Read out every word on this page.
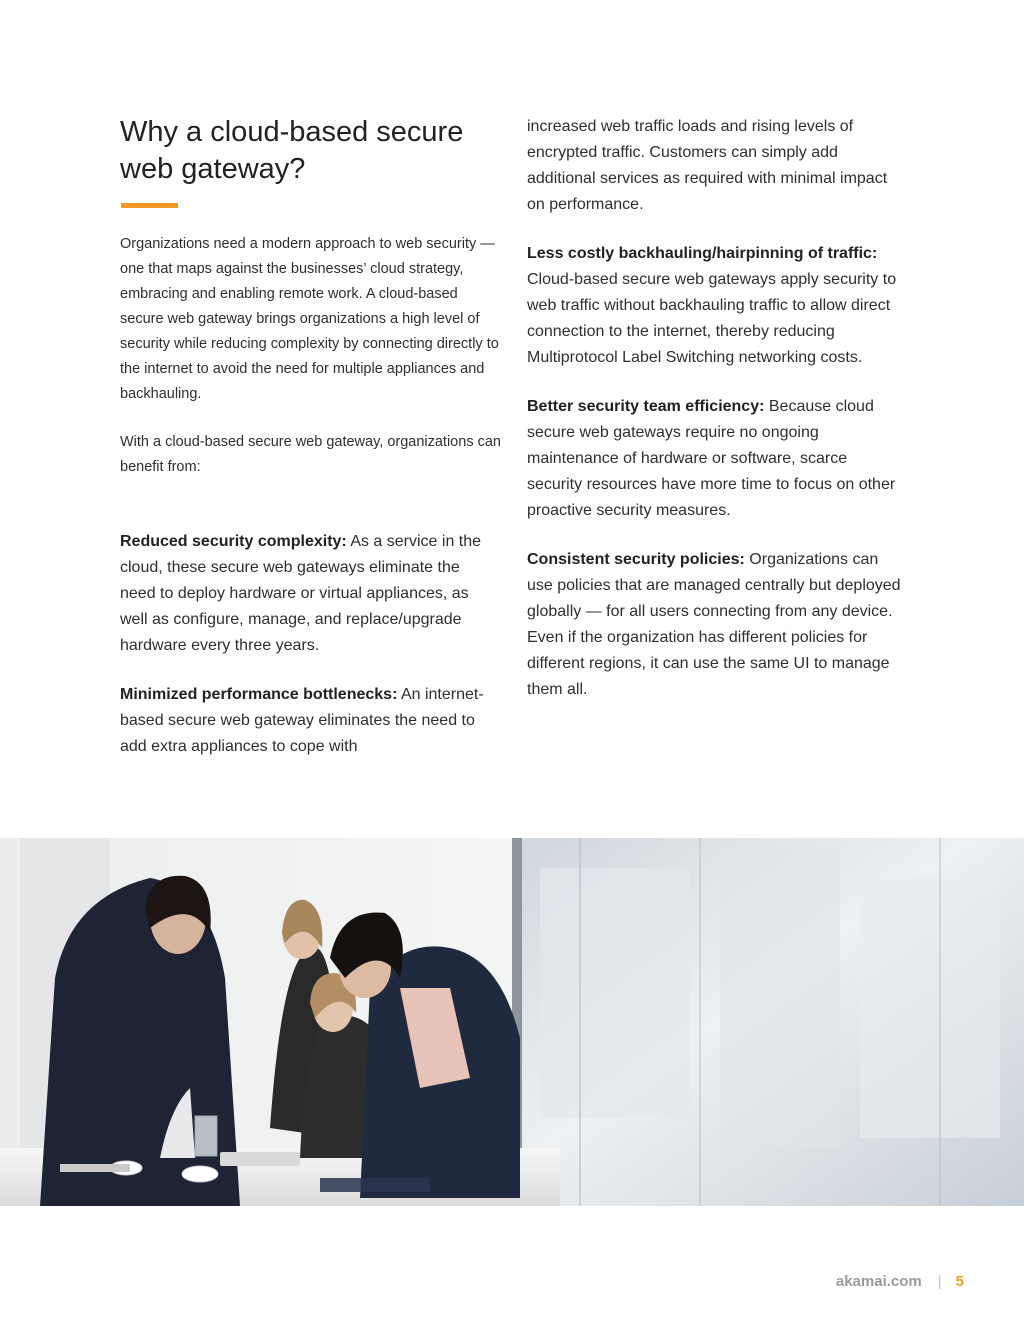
Why a cloud-based secure web gateway?

Organizations need a modern approach to web security — one that maps against the businesses’ cloud strategy, embracing and enabling remote work. A cloud-based secure web gateway brings organizations a high level of security while reducing complexity by connecting directly to the internet to avoid the need for multiple appliances and backhauling.

With a cloud-based secure web gateway, organizations can benefit from:

Reduced security complexity: As a service in the cloud, these secure web gateways eliminate the need to deploy hardware or virtual appliances, as well as configure, manage, and replace/upgrade hardware every three years.

Minimized performance bottlenecks: An internet-based secure web gateway eliminates the need to add extra appliances to cope with

increased web traffic loads and rising levels of encrypted traffic. Customers can simply add additional services as required with minimal impact on performance.

Less costly backhauling/hairpinning of traffic: Cloud-based secure web gateways apply security to web traffic without backhauling traffic to allow direct connection to the internet, thereby reducing Multiprotocol Label Switching networking costs.

Better security team efficiency: Because cloud secure web gateways require no ongoing maintenance of hardware or software, scarce security resources have more time to focus on other proactive security measures.

Consistent security policies: Organizations can use policies that are managed centrally but deployed globally — for all users connecting from any device. Even if the organization has different policies for different regions, it can use the same UI to manage them all.

akamai.com | 5
